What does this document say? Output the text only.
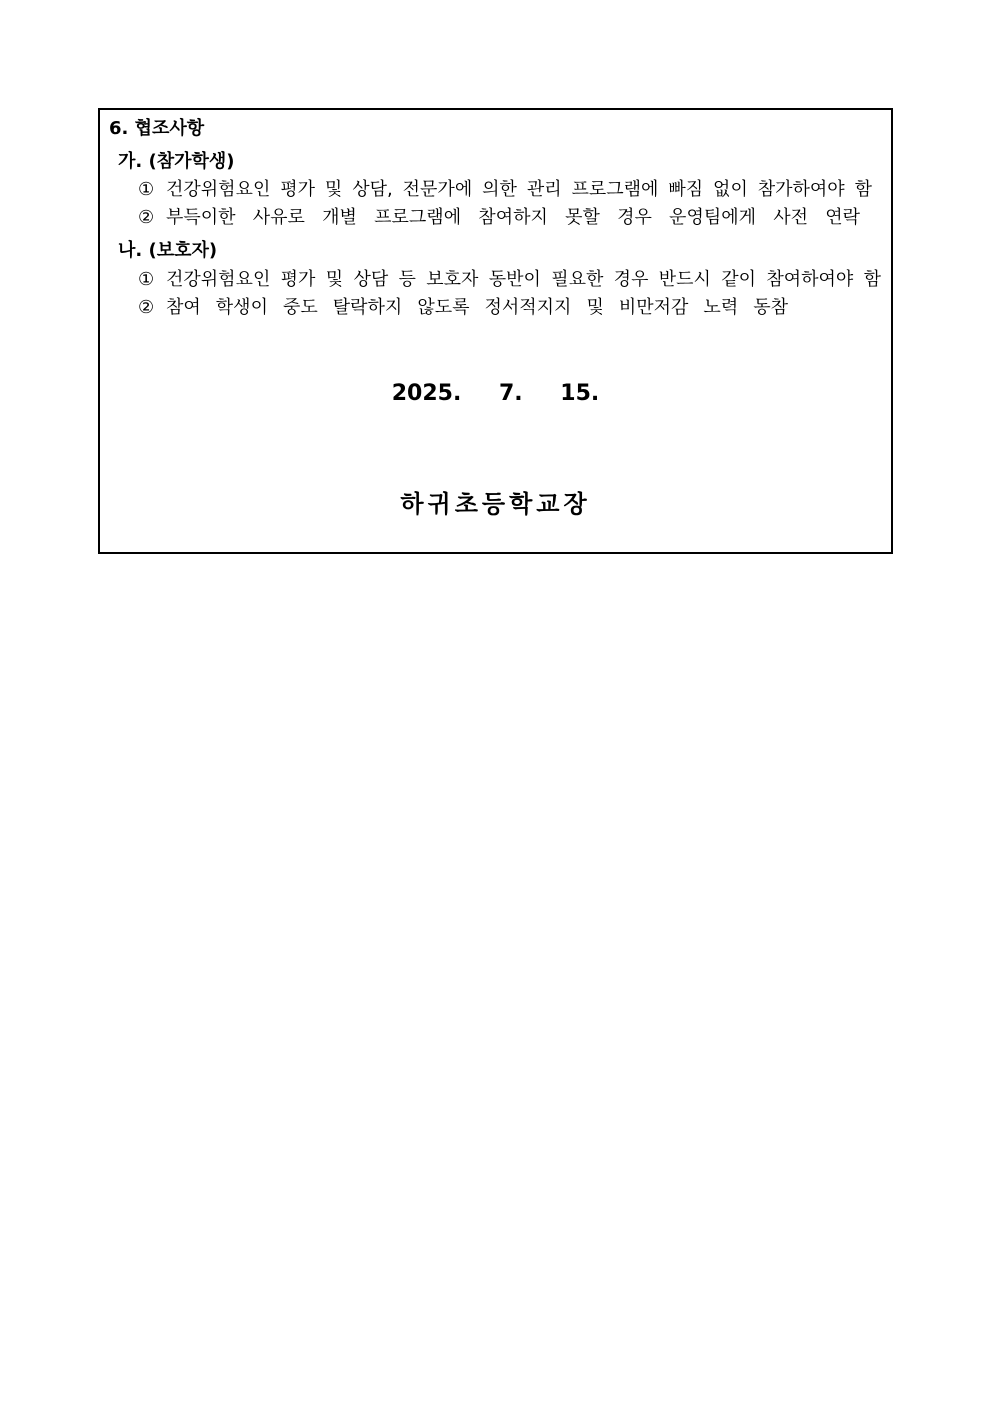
6. 협조사항
가. (참가학생)
① 건강위험요인 평가 및 상담, 전문가에 의한 관리 프로그램에 빠짐 없이 참가하여야 함
② 부득이한 사유로 개별 프로그램에 참여하지 못할 경우 운영팀에게 사전 연락
나. (보호자)
① 건강위험요인 평가 및 상담 등 보호자 동반이 필요한 경우 반드시 같이 참여하여야 함
② 참여 학생이 중도 탈락하지 않도록 정서적지지 및 비만저감 노력 동참
2025. 7. 15.
하귀초등학교장
